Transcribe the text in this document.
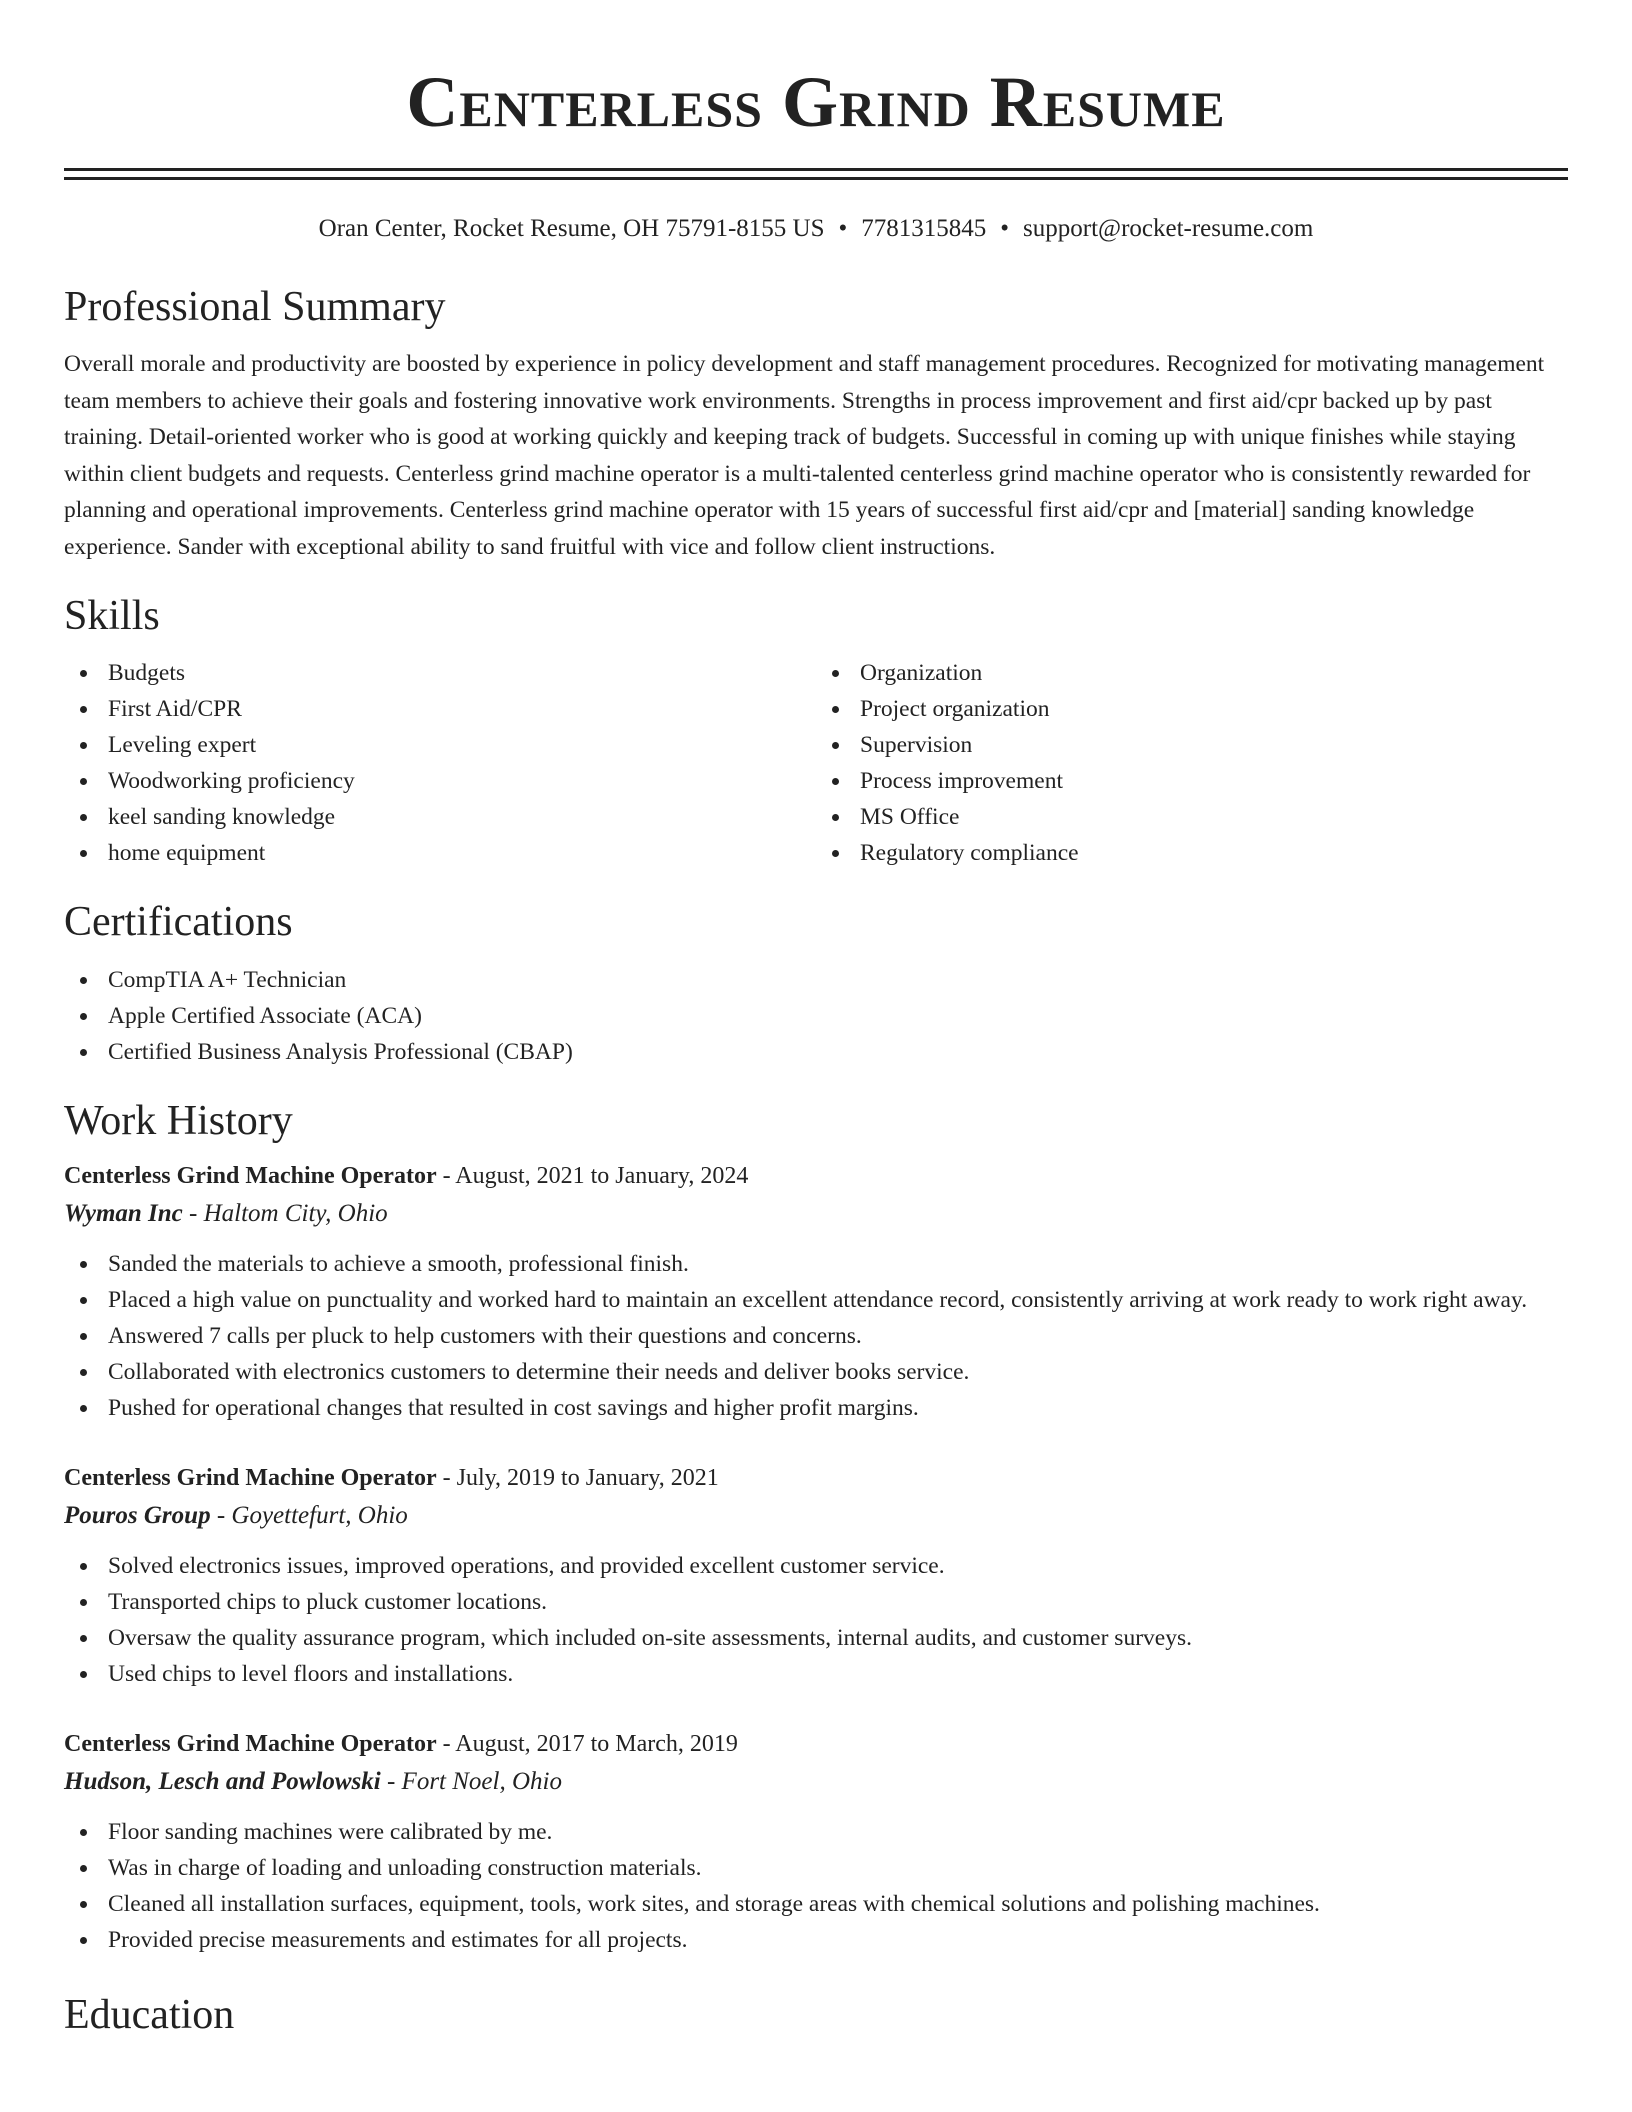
Centerless Grind Resume
Oran Center, Rocket Resume, OH 75791-8155 US • 7781315845 • support@rocket-resume.com
Professional Summary

Overall morale and productivity are boosted by experience in policy development and staff management procedures. Recognized for motivating management team members to achieve their goals and fostering innovative work environments. Strengths in process improvement and first aid/cpr backed up by past training. Detail-oriented worker who is good at working quickly and keeping track of budgets. Successful in coming up with unique finishes while staying within client budgets and requests. Centerless grind machine operator is a multi-talented centerless grind machine operator who is consistently rewarded for planning and operational improvements. Centerless grind machine operator with 15 years of successful first aid/cpr and [material] sanding knowledge experience. Sander with exceptional ability to sand fruitful with vice and follow client instructions.

Skills
Budgets
First Aid/CPR
Leveling expert
Woodworking proficiency
keel sanding knowledge
home equipment
Organization
Project organization
Supervision
Process improvement
MS Office
Regulatory compliance
Certifications
CompTIA A+ Technician
Apple Certified Associate (ACA)
Certified Business Analysis Professional (CBAP)
Work History
Centerless Grind Machine Operator - August, 2021 to January, 2024
Wyman Inc - Haltom City, Ohio
Sanded the materials to achieve a smooth, professional finish.
Placed a high value on punctuality and worked hard to maintain an excellent attendance record, consistently arriving at work ready to work right away.
Answered 7 calls per pluck to help customers with their questions and concerns.
Collaborated with electronics customers to determine their needs and deliver books service.
Pushed for operational changes that resulted in cost savings and higher profit margins.
Centerless Grind Machine Operator - July, 2019 to January, 2021
Pouros Group - Goyettefurt, Ohio
Solved electronics issues, improved operations, and provided excellent customer service.
Transported chips to pluck customer locations.
Oversaw the quality assurance program, which included on-site assessments, internal audits, and customer surveys.
Used chips to level floors and installations.
Centerless Grind Machine Operator - August, 2017 to March, 2019
Hudson, Lesch and Powlowski - Fort Noel, Ohio
Floor sanding machines were calibrated by me.
Was in charge of loading and unloading construction materials.
Cleaned all installation surfaces, equipment, tools, work sites, and storage areas with chemical solutions and polishing machines.
Provided precise measurements and estimates for all projects.
Education
